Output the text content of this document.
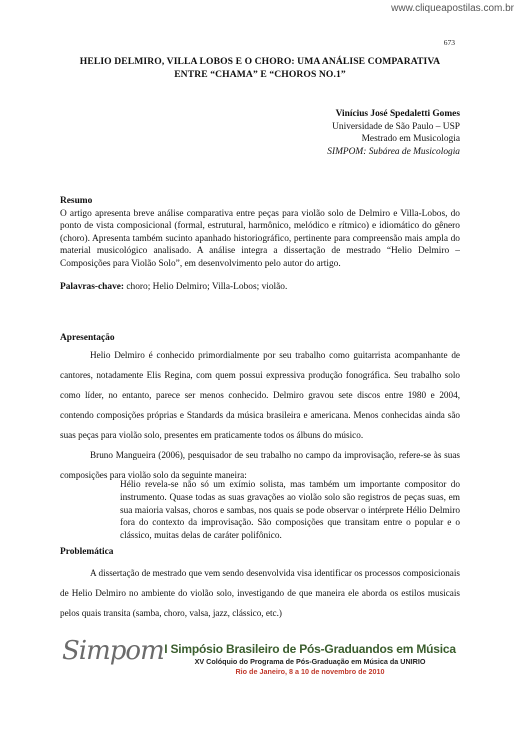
www.cliqueapostilas.com.br
673
HELIO DELMIRO, VILLA LOBOS E O CHORO: UMA ANÁLISE COMPARATIVA
ENTRE “CHAMA” E “CHOROS NO.1”
Vinícius José Spedaletti Gomes
Universidade de São Paulo – USP
Mestrado em Musicologia
SIMPOM: Subárea de Musicologia
Resumo
O artigo apresenta breve análise comparativa entre peças para violão solo de Delmiro e Villa-Lobos, do ponto de vista composicional (formal, estrutural, harmônico, melódico e rítmico) e idiomático do gênero (choro). Apresenta também sucinto apanhado historiográfico, pertinente para compreensão mais ampla do material musicológico analisado. A análise integra a dissertação de mestrado “Helio Delmiro – Composições para Violão Solo”, em desenvolvimento pelo autor do artigo.
Palavras-chave: choro; Helio Delmiro; Villa-Lobos; violão.
Apresentação

Helio Delmiro é conhecido primordialmente por seu trabalho como guitarrista acompanhante de cantores, notadamente Elis Regina, com quem possui expressiva produção fonográfica. Seu trabalho solo como líder, no entanto, parece ser menos conhecido. Delmiro gravou sete discos entre 1980 e 2004, contendo composições próprias e Standards da música brasileira e americana. Menos conhecidas ainda são suas peças para violão solo, presentes em praticamente todos os álbuns do músico.

Bruno Mangueira (2006), pesquisador de seu trabalho no campo da improvisação, refere-se às suas composições para violão solo da seguinte maneira:

Hélio revela-se não só um exímio solista, mas também um importante compositor do instrumento. Quase todas as suas gravações ao violão solo são registros de peças suas, em sua maioria valsas, choros e sambas, nos quais se pode observar o intérprete Hélio Delmiro fora do contexto da improvisação. São composições que transitam entre o popular e o clássico, muitas delas de caráter polifônico.
Problemática

A dissertação de mestrado que vem sendo desenvolvida visa identificar os processos composicionais de Helio Delmiro no ambiente do violão solo, investigando de que maneira ele aborda os estilos musicais pelos quais transita (samba, choro, valsa, jazz, clássico, etc.)

Simpom I Simpósio Brasileiro de Pós-Graduandos em Música
XV Colóquio do Programa de Pós-Graduação em Música da UNIRIO
Rio de Janeiro, 8 a 10 de novembro de 2010
